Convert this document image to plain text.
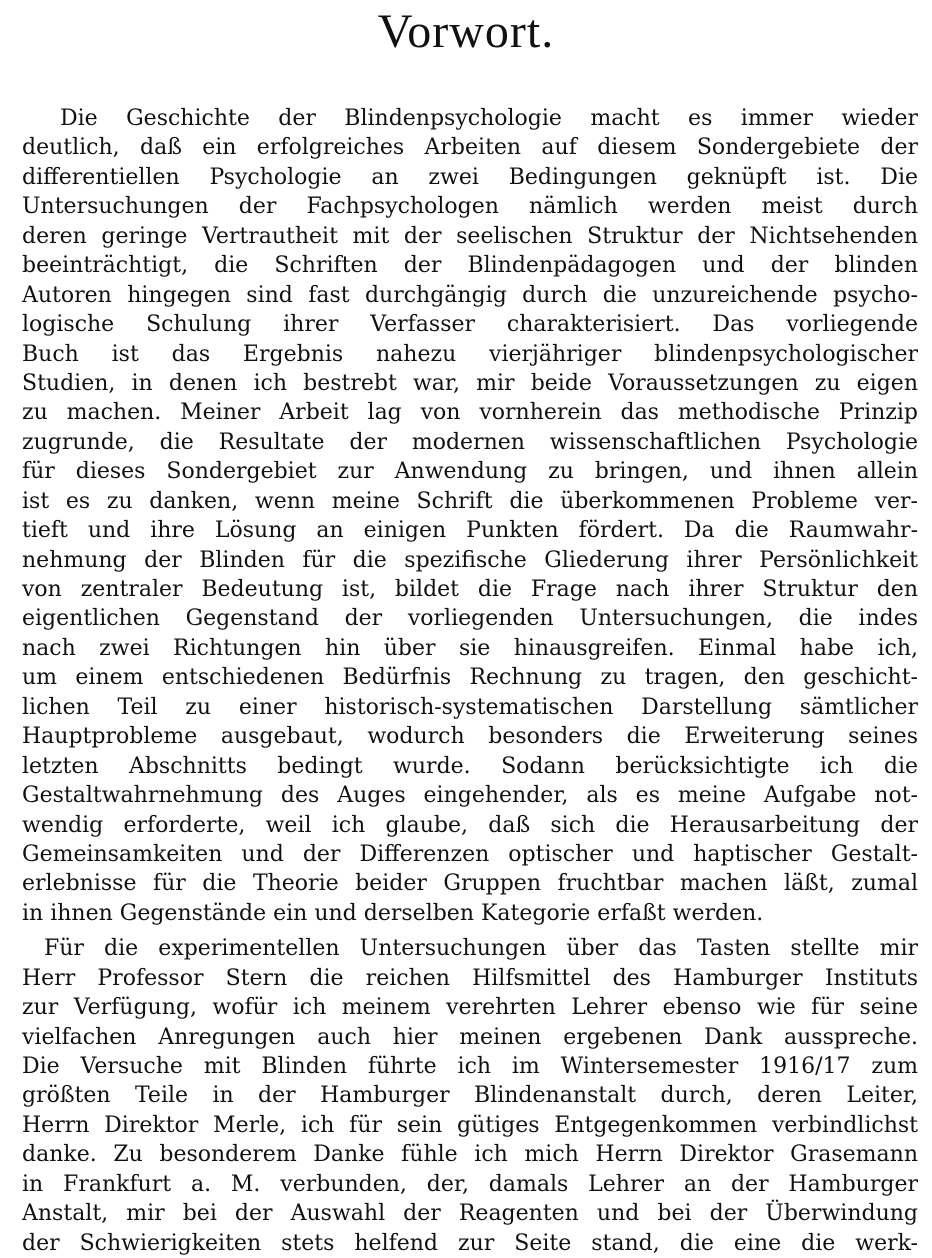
Vorwort.
Die Geschichte der Blindenpsychologie macht es immer wieder
deutlich, daß ein erfolgreiches Arbeiten auf diesem Sondergebiete der
differentiellen Psychologie an zwei Bedingungen geknüpft ist. Die
Untersuchungen der Fachpsychologen nämlich werden meist durch
deren geringe Vertrautheit mit der seelischen Struktur der Nichtsehenden
beeinträchtigt, die Schriften der Blindenpädagogen und der blinden
Autoren hingegen sind fast durchgängig durch die unzureichende psycho-
logische Schulung ihrer Verfasser charakterisiert. Das vorliegende
Buch ist das Ergebnis nahezu vierjähriger blindenpsychologischer
Studien, in denen ich bestrebt war, mir beide Voraussetzungen zu eigen
zu machen. Meiner Arbeit lag von vornherein das methodische Prinzip
zugrunde, die Resultate der modernen wissenschaftlichen Psychologie
für dieses Sondergebiet zur Anwendung zu bringen, und ihnen allein
ist es zu danken, wenn meine Schrift die überkommenen Probleme ver-
tieft und ihre Lösung an einigen Punkten fördert. Da die Raumwahr-
nehmung der Blinden für die spezifische Gliederung ihrer Persönlichkeit
von zentraler Bedeutung ist, bildet die Frage nach ihrer Struktur den
eigentlichen Gegenstand der vorliegenden Untersuchungen, die indes
nach zwei Richtungen hin über sie hinausgreifen. Einmal habe ich,
um einem entschiedenen Bedürfnis Rechnung zu tragen, den geschicht-
lichen Teil zu einer historisch-systematischen Darstellung sämtlicher
Hauptprobleme ausgebaut, wodurch besonders die Erweiterung seines
letzten Abschnitts bedingt wurde. Sodann berücksichtigte ich die
Gestaltwahrnehmung des Auges eingehender, als es meine Aufgabe not-
wendig erforderte, weil ich glaube, daß sich die Herausarbeitung der
Gemeinsamkeiten und der Differenzen optischer und haptischer Gestalt-
erlebnisse für die Theorie beider Gruppen fruchtbar machen läßt, zumal
in ihnen Gegenstände ein und derselben Kategorie erfaßt werden.
Für die experimentellen Untersuchungen über das Tasten stellte mir
Herr Professor Stern die reichen Hilfsmittel des Hamburger Instituts
zur Verfügung, wofür ich meinem verehrten Lehrer ebenso wie für seine
vielfachen Anregungen auch hier meinen ergebenen Dank ausspreche.
Die Versuche mit Blinden führte ich im Wintersemester 1916/17 zum
größten Teile in der Hamburger Blindenanstalt durch, deren Leiter,
Herrn Direktor Merle, ich für sein gütiges Entgegenkommen verbindlichst
danke. Zu besonderem Danke fühle ich mich Herrn Direktor Grasemann
in Frankfurt a. M. verbunden, der, damals Lehrer an der Hamburger
Anstalt, mir bei der Auswahl der Reagenten und bei der Überwindung
der Schwierigkeiten stets helfend zur Seite stand, die eine die werk-
